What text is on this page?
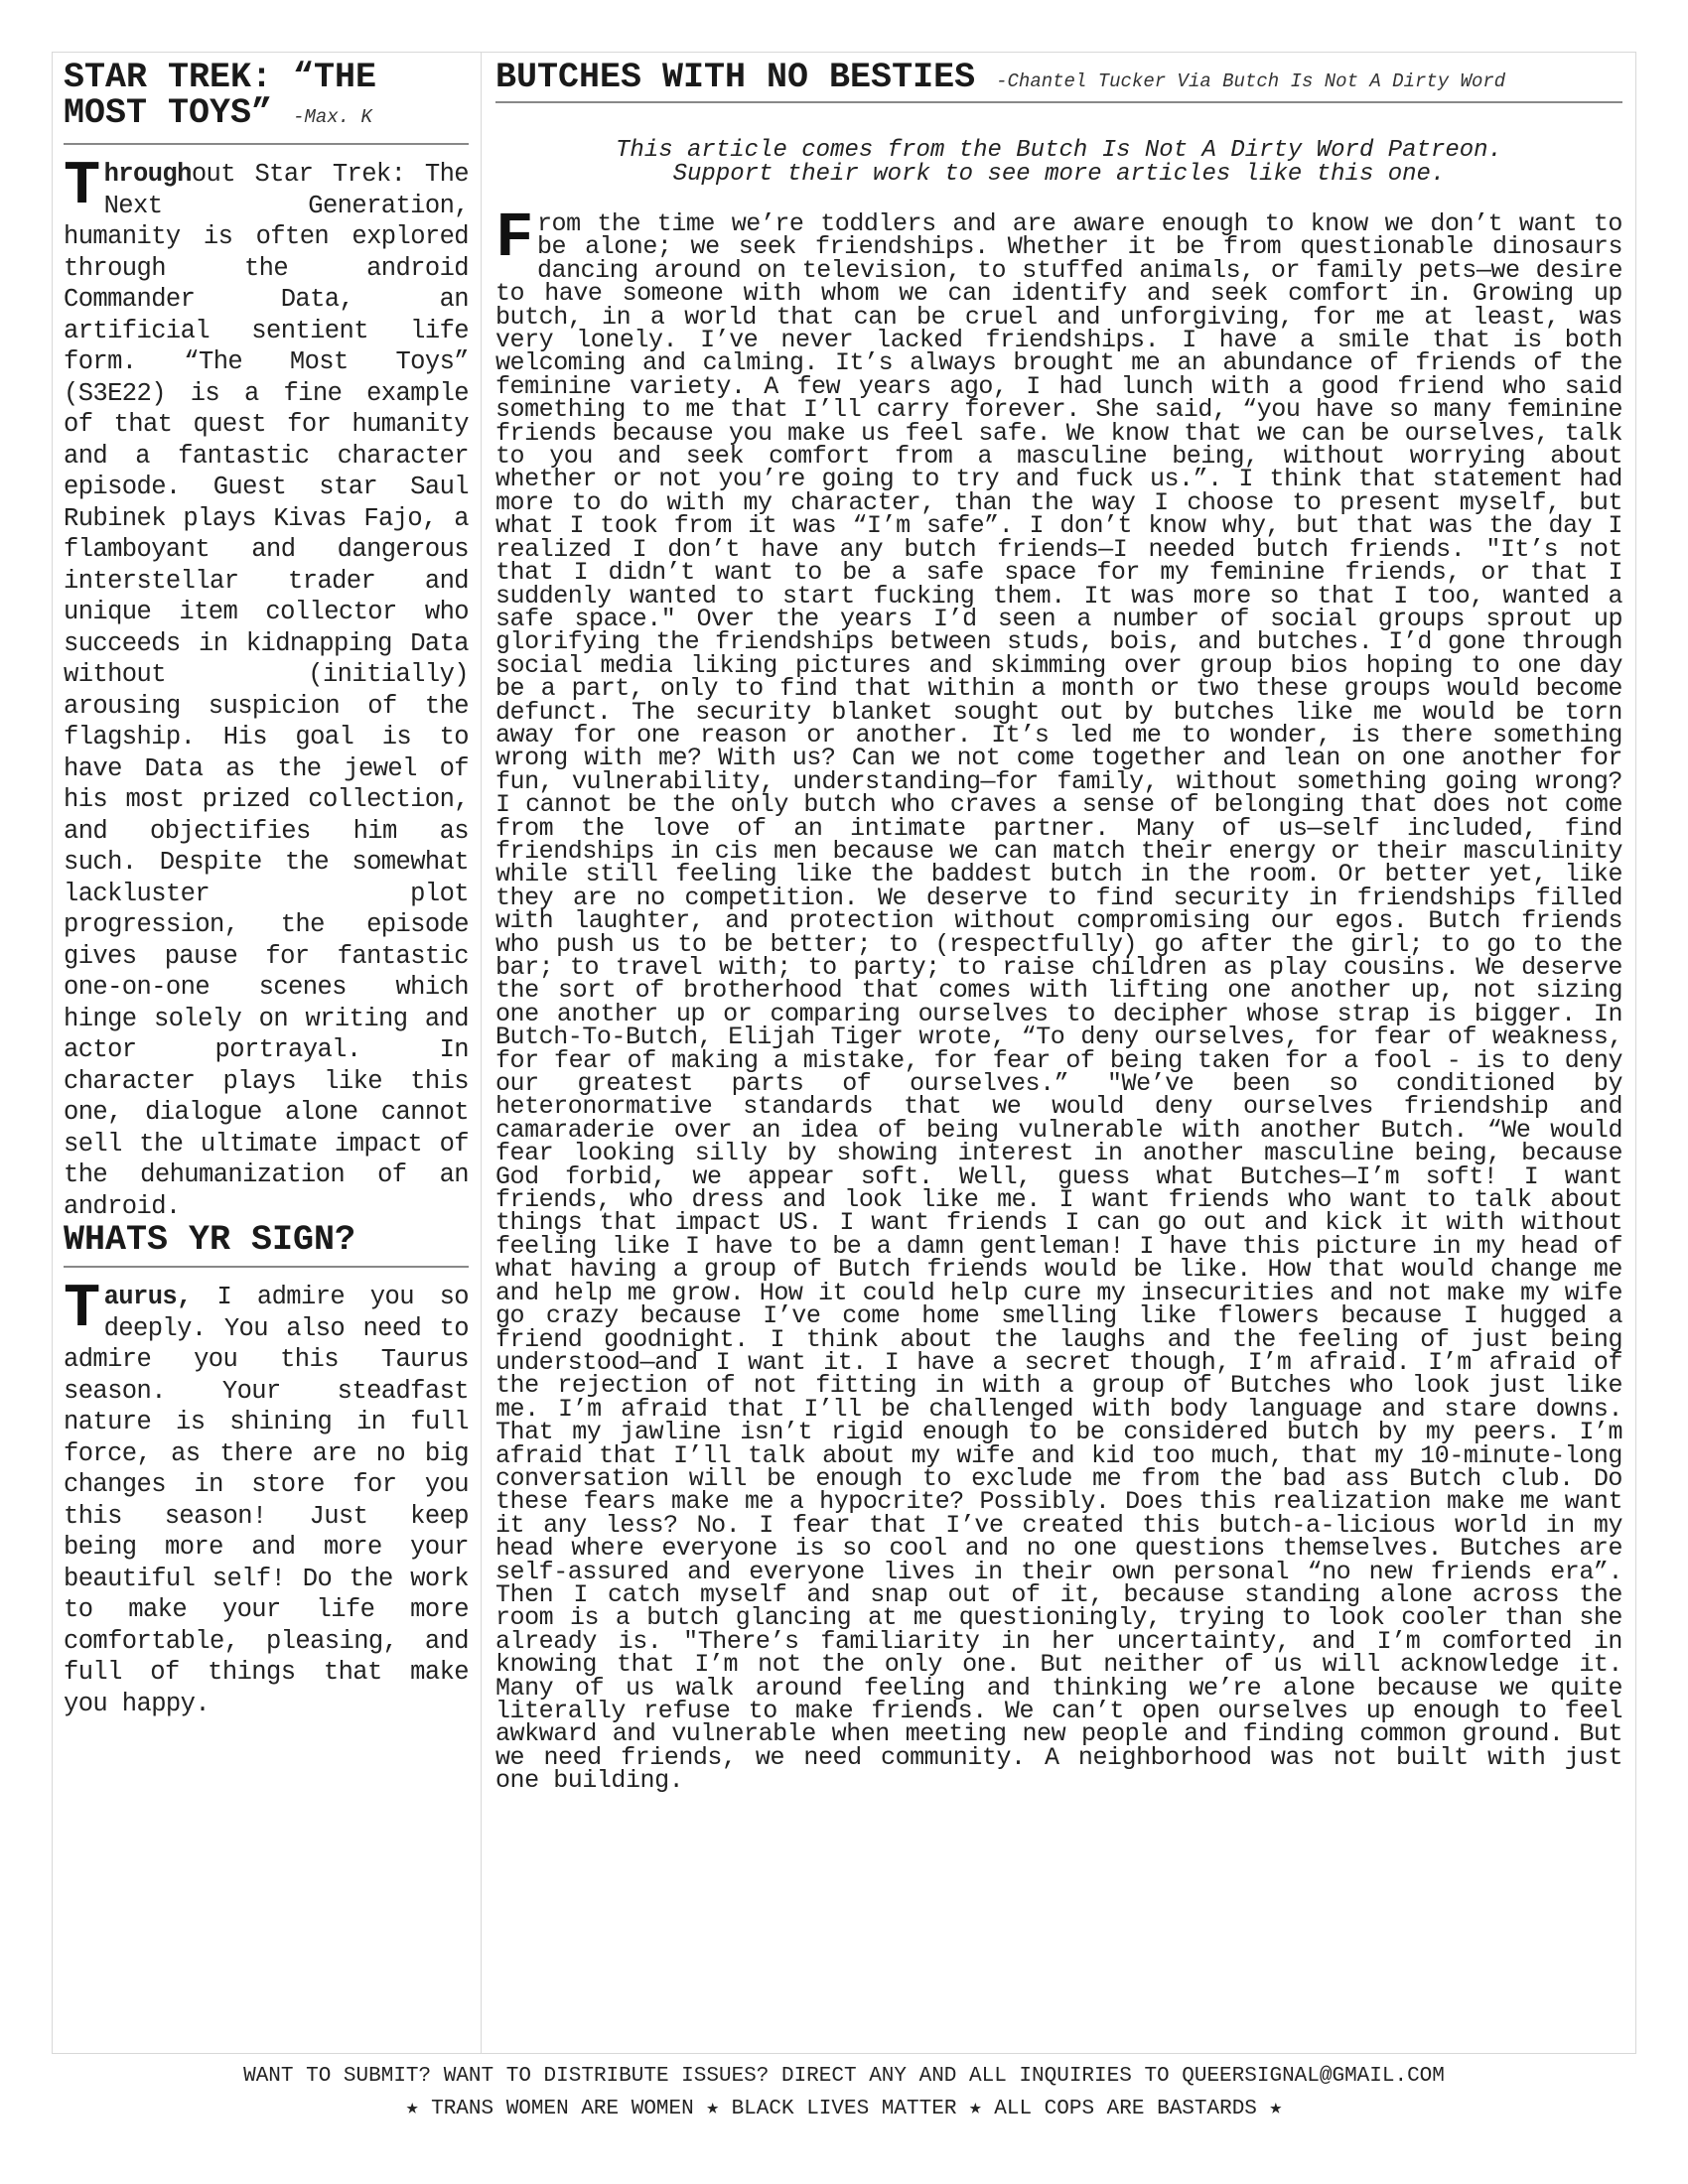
STAR TREK: “THE MOST TOYS” -Max. K
Throughout Star Trek: The Next Generation, humanity is often explored through the android Commander Data, an artificial sentient life form. “The Most Toys” (S3E22) is a fine example of that quest for humanity and a fantastic character episode. Guest star Saul Rubinek plays Kivas Fajo, a flamboyant and dangerous interstellar trader and unique item collector who succeeds in kidnapping Data without (initially) arousing suspicion of the flagship. His goal is to have Data as the jewel of his most prized collection, and objectifies him as such. Despite the somewhat lackluster plot progression, the episode gives pause for fantastic one-on-one scenes which hinge solely on writing and actor portrayal. In character plays like this one, dialogue alone cannot sell the ultimate impact of the dehumanization of an android.
WHATS YR SIGN?
Taurus, I admire you so deeply. You also need to admire you this Taurus season. Your steadfast nature is shining in full force, as there are no big changes in store for you this season! Just keep being more and more your beautiful self! Do the work to make your life more comfortable, pleasing, and full of things that make you happy.
BUTCHES WITH NO BESTIES -Chantel Tucker Via Butch Is Not A Dirty Word
This article comes from the Butch Is Not A Dirty Word Patreon.
Support their work to see more articles like this one.
From the time we’re toddlers and are aware enough to know we don’t want to be alone; we seek friendships. Whether it be from questionable dinosaurs dancing around on television, to stuffed animals, or family pets—we desire to have someone with whom we can identify and seek comfort in. Growing up butch, in a world that can be cruel and unforgiving, for me at least, was very lonely. I’ve never lacked friendships. I have a smile that is both welcoming and calming. It’s always brought me an abundance of friends of the feminine variety. A few years ago, I had lunch with a good friend who said something to me that I’ll carry forever. She said, “you have so many feminine friends because you make us feel safe. We know that we can be ourselves, talk to you and seek comfort from a masculine being, without worrying about whether or not you’re going to try and fuck us.”. I think that statement had more to do with my character, than the way I choose to present myself, but what I took from it was “I’m safe”. I don’t know why, but that was the day I realized I don’t have any butch friends—I needed butch friends. "It’s not that I didn’t want to be a safe space for my feminine friends, or that I suddenly wanted to start fucking them. It was more so that I too, wanted a safe space." Over the years I’d seen a number of social groups sprout up glorifying the friendships between studs, bois, and butches. I’d gone through social media liking pictures and skimming over group bios hoping to one day be a part, only to find that within a month or two these groups would become defunct. The security blanket sought out by butches like me would be torn away for one reason or another. It’s led me to wonder, is there something wrong with me? With us? Can we not come together and lean on one another for fun, vulnerability, understanding—for family, without something going wrong? I cannot be the only butch who craves a sense of belonging that does not come from the love of an intimate partner. Many of us—self included, find friendships in cis men because we can match their energy or their masculinity while still feeling like the baddest butch in the room. Or better yet, like they are no competition. We deserve to find security in friendships filled with laughter, and protection without compromising our egos. Butch friends who push us to be better; to (respectfully) go after the girl; to go to the bar; to travel with; to party; to raise children as play cousins. We deserve the sort of brotherhood that comes with lifting one another up, not sizing one another up or comparing ourselves to decipher whose strap is bigger. In Butch-To-Butch, Elijah Tiger wrote, “To deny ourselves, for fear of weakness, for fear of making a mistake, for fear of being taken for a fool - is to deny our greatest parts of ourselves.” "We’ve been so conditioned by heteronormative standards that we would deny ourselves friendship and camaraderie over an idea of being vulnerable with another Butch. “We would fear looking silly by showing interest in another masculine being, because God forbid, we appear soft. Well, guess what Butches—I’m soft! I want friends, who dress and look like me. I want friends who want to talk about things that impact US. I want friends I can go out and kick it with without feeling like I have to be a damn gentleman! I have this picture in my head of what having a group of Butch friends would be like. How that would change me and help me grow. How it could help cure my insecurities and not make my wife go crazy because I’ve come home smelling like flowers because I hugged a friend goodnight. I think about the laughs and the feeling of just being understood—and I want it. I have a secret though, I’m afraid. I’m afraid of the rejection of not fitting in with a group of Butches who look just like me. I’m afraid that I’ll be challenged with body language and stare downs. That my jawline isn’t rigid enough to be considered butch by my peers. I’m afraid that I’ll talk about my wife and kid too much, that my 10-minute-long conversation will be enough to exclude me from the bad ass Butch club. Do these fears make me a hypocrite? Possibly. Does this realization make me want it any less? No. I fear that I’ve created this butch-a-licious world in my head where everyone is so cool and no one questions themselves. Butches are self-assured and everyone lives in their own personal “no new friends era”. Then I catch myself and snap out of it, because standing alone across the room is a butch glancing at me questioningly, trying to look cooler than she already is. "There’s familiarity in her uncertainty, and I’m comforted in knowing that I’m not the only one. But neither of us will acknowledge it. Many of us walk around feeling and thinking we’re alone because we quite literally refuse to make friends. We can’t open ourselves up enough to feel awkward and vulnerable when meeting new people and finding common ground. But we need friends, we need community. A neighborhood was not built with just one building.
WANT TO SUBMIT? WANT TO DISTRIBUTE ISSUES? DIRECT ANY AND ALL INQUIRIES TO QUEERSIGNAL@GMAIL.COM
★ TRANS WOMEN ARE WOMEN ★ BLACK LIVES MATTER ★ ALL COPS ARE BASTARDS ★
